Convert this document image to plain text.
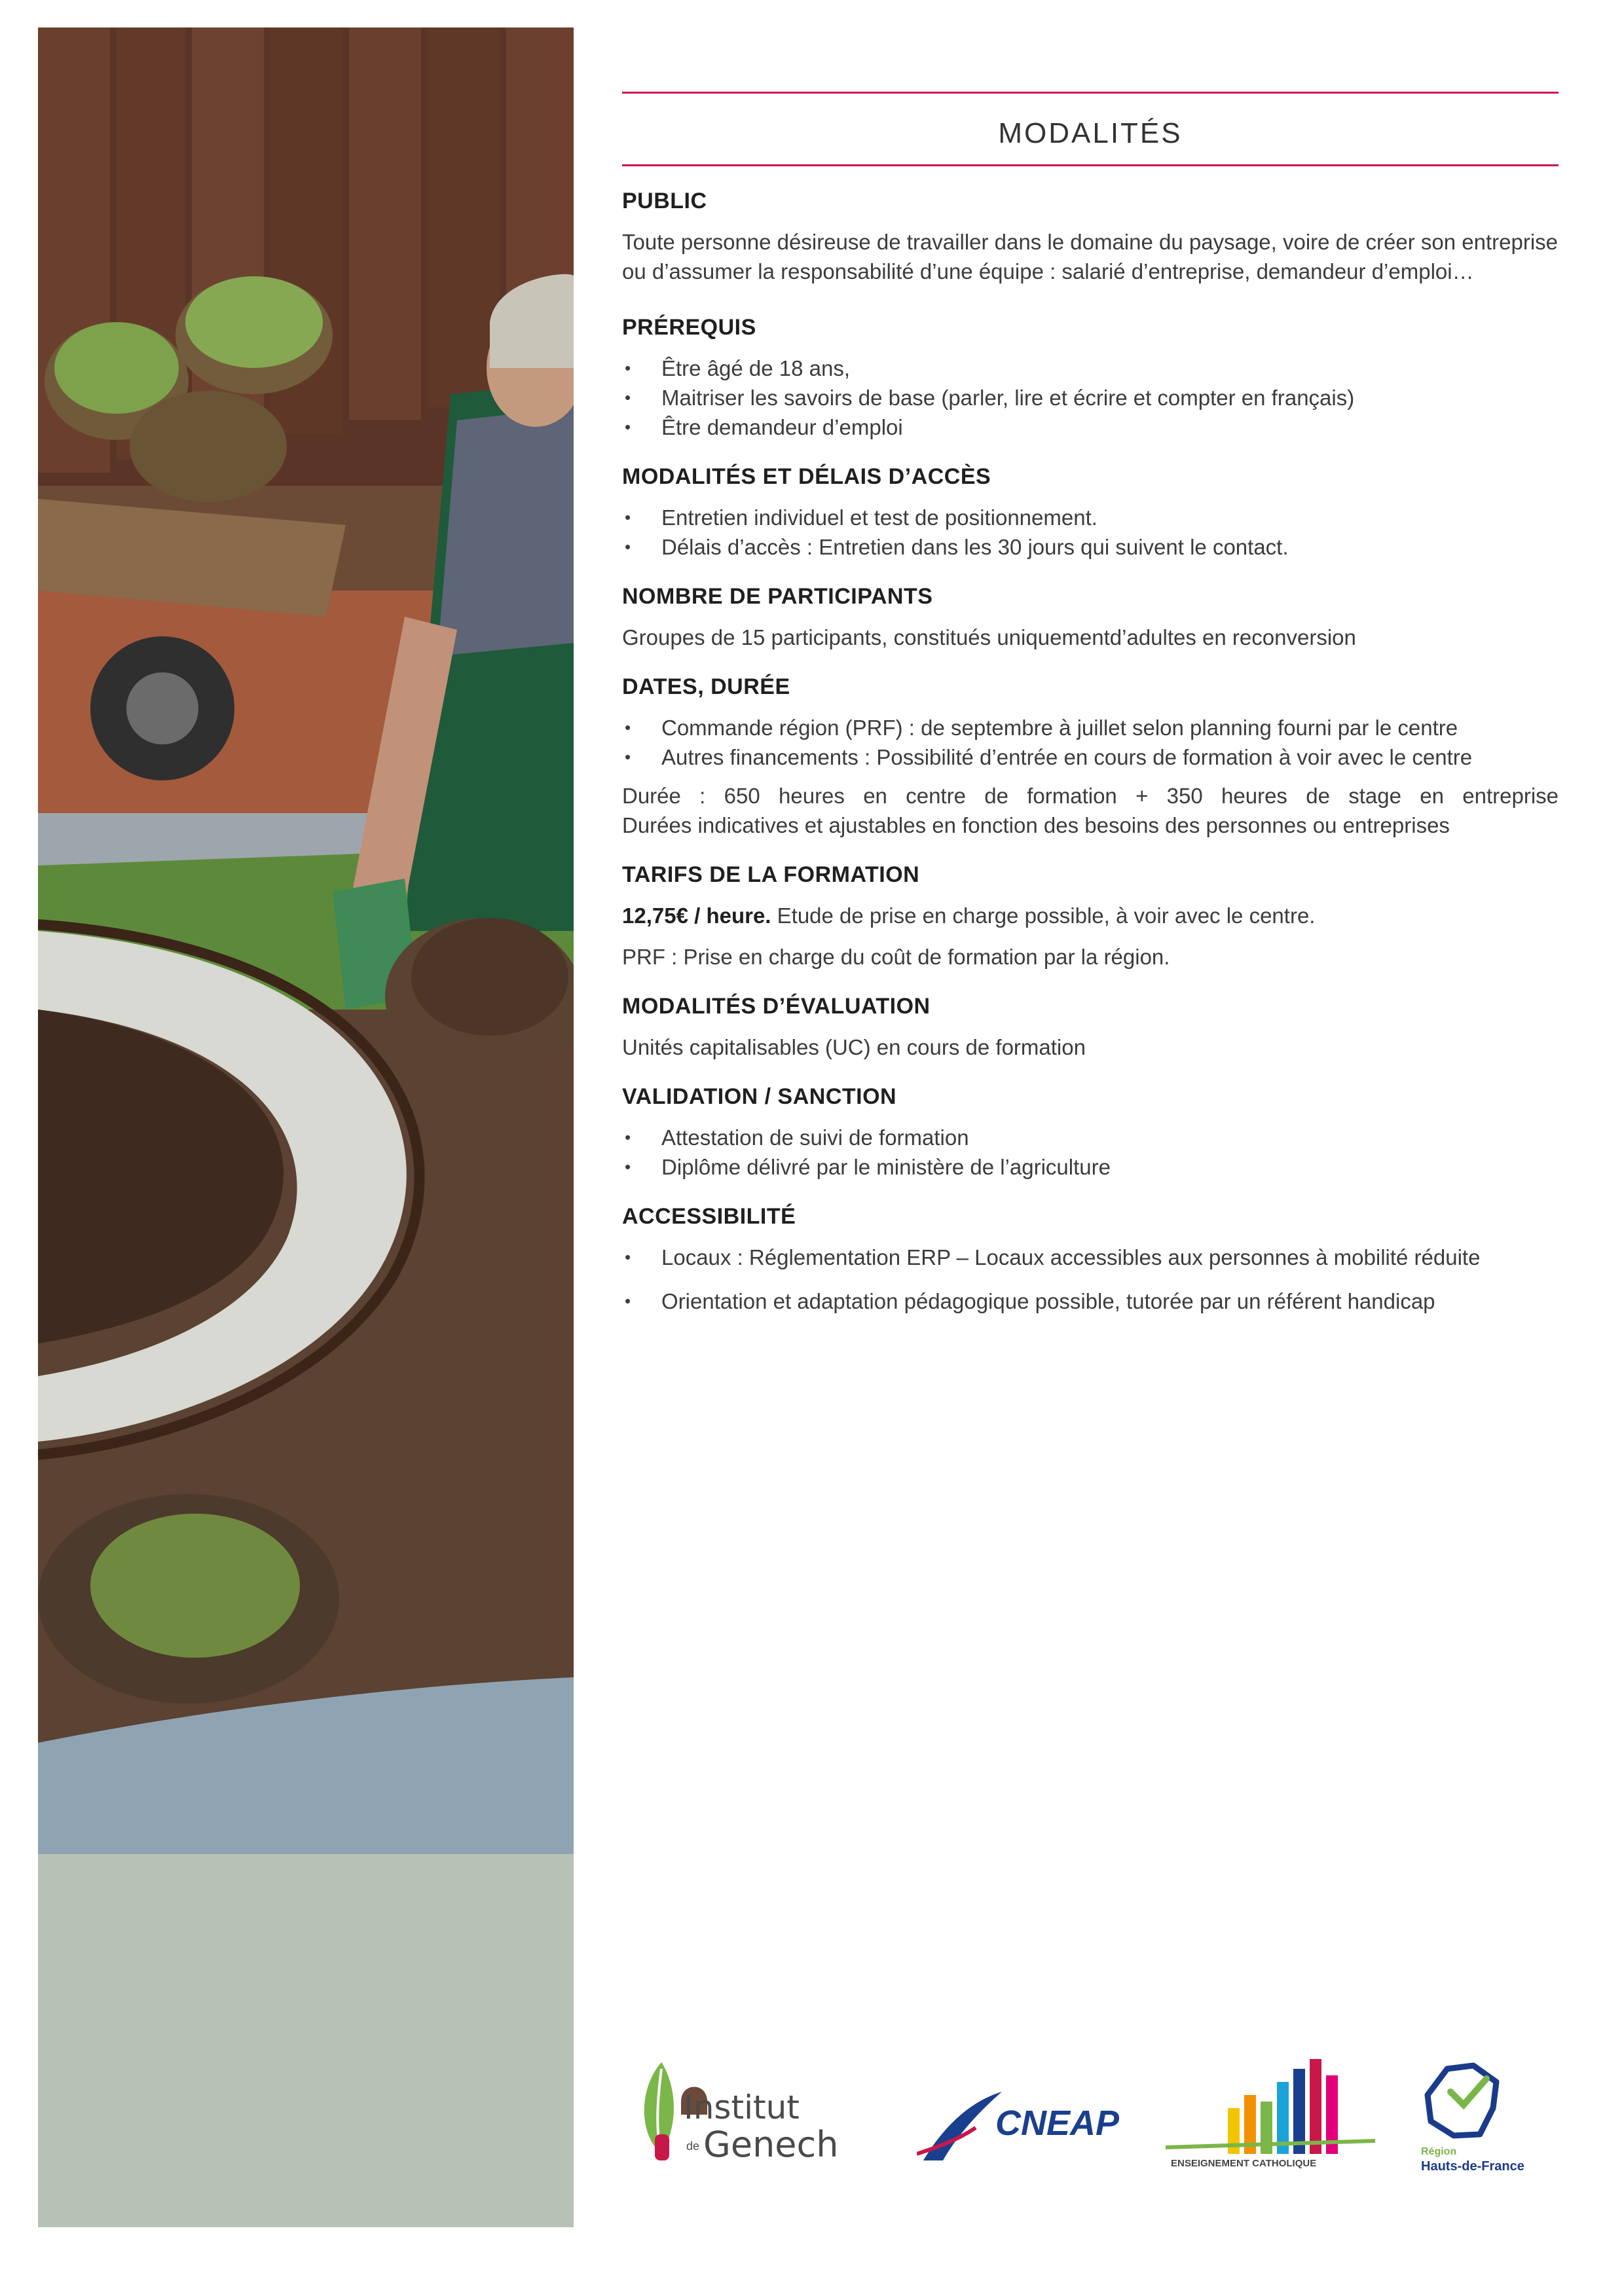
MODALITÉS
PUBLIC

Toute personne désireuse de travailler dans le domaine du paysage, voire de créer son entreprise ou d’assumer la responsabilité d’une équipe : salarié d’entreprise, demandeur d’emploi…

PRÉREQUIS
• Être âgé de 18 ans,
• Maitriser les savoirs de base (parler, lire et écrire et compter en français)
• Être demandeur d’emploi
MODALITÉS ET DÉLAIS D’ACCÈS
• Entretien individuel et test de positionnement.
• Délais d’accès : Entretien dans les 30 jours qui suivent le contact.
NOMBRE DE PARTICIPANTS

Groupes de 15 participants, constitués uniquementd’adultes en reconversion

DATES, DURÉE
• Commande région (PRF) : de septembre à juillet selon planning fourni par le centre
• Autres financements : Possibilité d’entrée en cours de formation à voir avec le centre

Durée : 650 heures en centre de formation + 350 heures de stage en entreprise
Durées indicatives et ajustables en fonction des besoins des personnes ou entreprises

TARIFS DE LA FORMATION

12,75€ / heure. Etude de prise en charge possible, à voir avec le centre.

PRF : Prise en charge du coût de formation par la région.

MODALITÉS D’ÉVALUATION

Unités capitalisables (UC) en cours de formation

VALIDATION / SANCTION
• Attestation de suivi de formation
• Diplôme délivré par le ministère de l’agriculture
ACCESSIBILITÉ
• Locaux : Réglementation ERP – Locaux accessibles aux personnes à mobilité réduite
• Orientation et adaptation pédagogique possible, tutorée par un référent handicap
Institut
de Genech
CNEAP
ENSEIGNEMENT CATHOLIQUE
Région
Hauts-de-France
